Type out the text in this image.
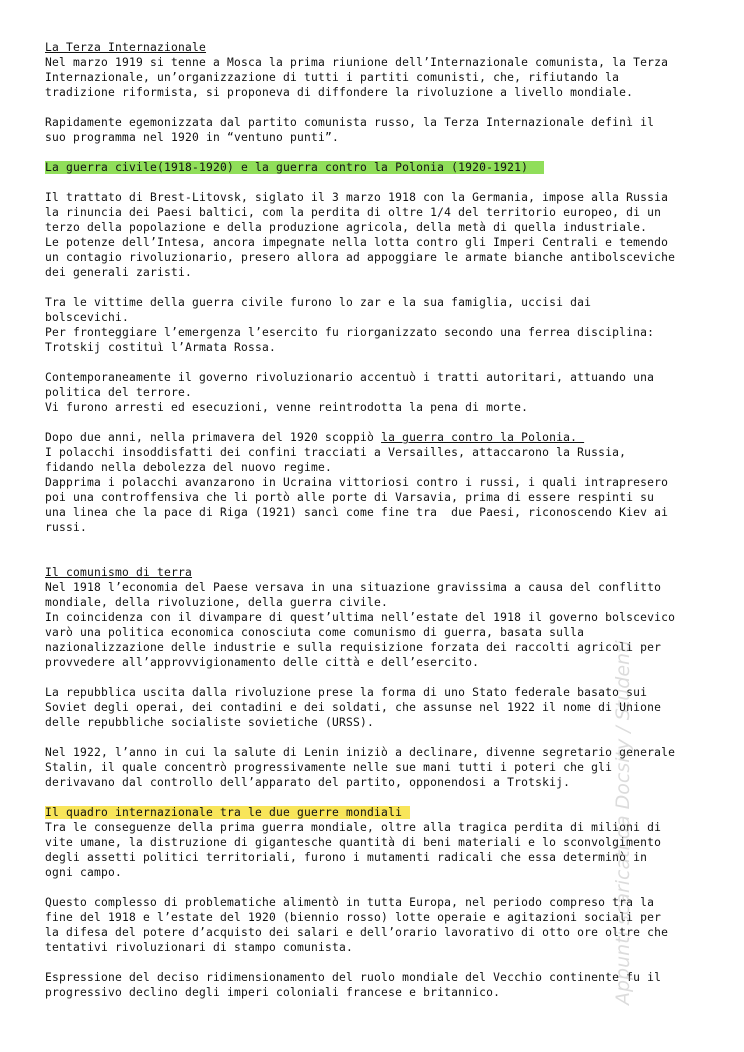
La Terza Internazionale
Nel marzo 1919 si tenne a Mosca la prima riunione dell’Internazionale comunista, la Terza
Internazionale, un’organizzazione di tutti i partiti comunisti, che, rifiutando la
tradizione riformista, si proponeva di diffondere la rivoluzione a livello mondiale.
Rapidamente egemonizzata dal partito comunista russo, la Terza Internazionale definì il
suo programma nel 1920 in “ventuno punti”.
La guerra civile(1918-1920) e la guerra contro la Polonia (1920-1921)
Il trattato di Brest-Litovsk, siglato il 3 marzo 1918 con la Germania, impose alla Russia
la rinuncia dei Paesi baltici, com la perdita di oltre 1/4 del territorio europeo, di un
terzo della popolazione e della produzione agricola, della metà di quella industriale.
Le potenze dell’Intesa, ancora impegnate nella lotta contro gli Imperi Centrali e temendo
un contagio rivoluzionario, presero allora ad appoggiare le armate bianche antibolsceviche
dei generali zaristi.
Tra le vittime della guerra civile furono lo zar e la sua famiglia, uccisi dai
bolscevichi.
Per fronteggiare l’emergenza l’esercito fu riorganizzato secondo una ferrea disciplina:
Trotskij costituì l’Armata Rossa.
Contemporaneamente il governo rivoluzionario accentuò i tratti autoritari, attuando una
politica del terrore.
Vi furono arresti ed esecuzioni, venne reintrodotta la pena di morte.
Dopo due anni, nella primavera del 1920 scoppiò la guerra contro la Polonia.
I polacchi insoddisfatti dei confini tracciati a Versailles, attaccarono la Russia,
fidando nella debolezza del nuovo regime.
Dapprima i polacchi avanzarono in Ucraina vittoriosi contro i russi, i quali intrapresero
poi una controffensiva che li portò alle porte di Varsavia, prima di essere respinti su
una linea che la pace di Riga (1921) sancì come fine tra  due Paesi, riconoscendo Kiev ai
russi.
Il comunismo di terra
Nel 1918 l’economia del Paese versava in una situazione gravissima a causa del conflitto
mondiale, della rivoluzione, della guerra civile.
In coincidenza con il divampare di quest’ultima nell’estate del 1918 il governo bolscevico
varò una politica economica conosciuta come comunismo di guerra, basata sulla
nazionalizzazione delle industrie e sulla requisizione forzata dei raccolti agricoli per
provvedere all’approvvigionamento delle città e dell’esercito.
La repubblica uscita dalla rivoluzione prese la forma di uno Stato federale basato sui
Soviet degli operai, dei contadini e dei soldati, che assunse nel 1922 il nome di Unione
delle repubbliche socialiste sovietiche (URSS).
Nel 1922, l’anno in cui la salute di Lenin iniziò a declinare, divenne segretario generale
Stalin, il quale concentrò progressivamente nelle sue mani tutti i poteri che gli
derivavano dal controllo dell’apparato del partito, opponendosi a Trotskij.
Il quadro internazionale tra le due guerre mondiali
Tra le conseguenze della prima guerra mondiale, oltre alla tragica perdita di milioni di
vite umane, la distruzione di gigantesche quantità di beni materiali e lo sconvolgimento
degli assetti politici territoriali, furono i mutamenti radicali che essa determinò in
ogni campo.
Questo complesso di problematiche alimentò in tutta Europa, nel periodo compreso tra la
fine del 1918 e l’estate del 1920 (biennio rosso) lotte operaie e agitazioni sociali per
la difesa del potere d’acquisto dei salari e dell’orario lavorativo di otto ore oltre che
tentativi rivoluzionari di stampo comunista.
Espressione del deciso ridimensionamento del ruolo mondiale del Vecchio continente fu il
progressivo declino degli imperi coloniali francese e britannico.	Appunti scaricati da Docsity / Studenti
